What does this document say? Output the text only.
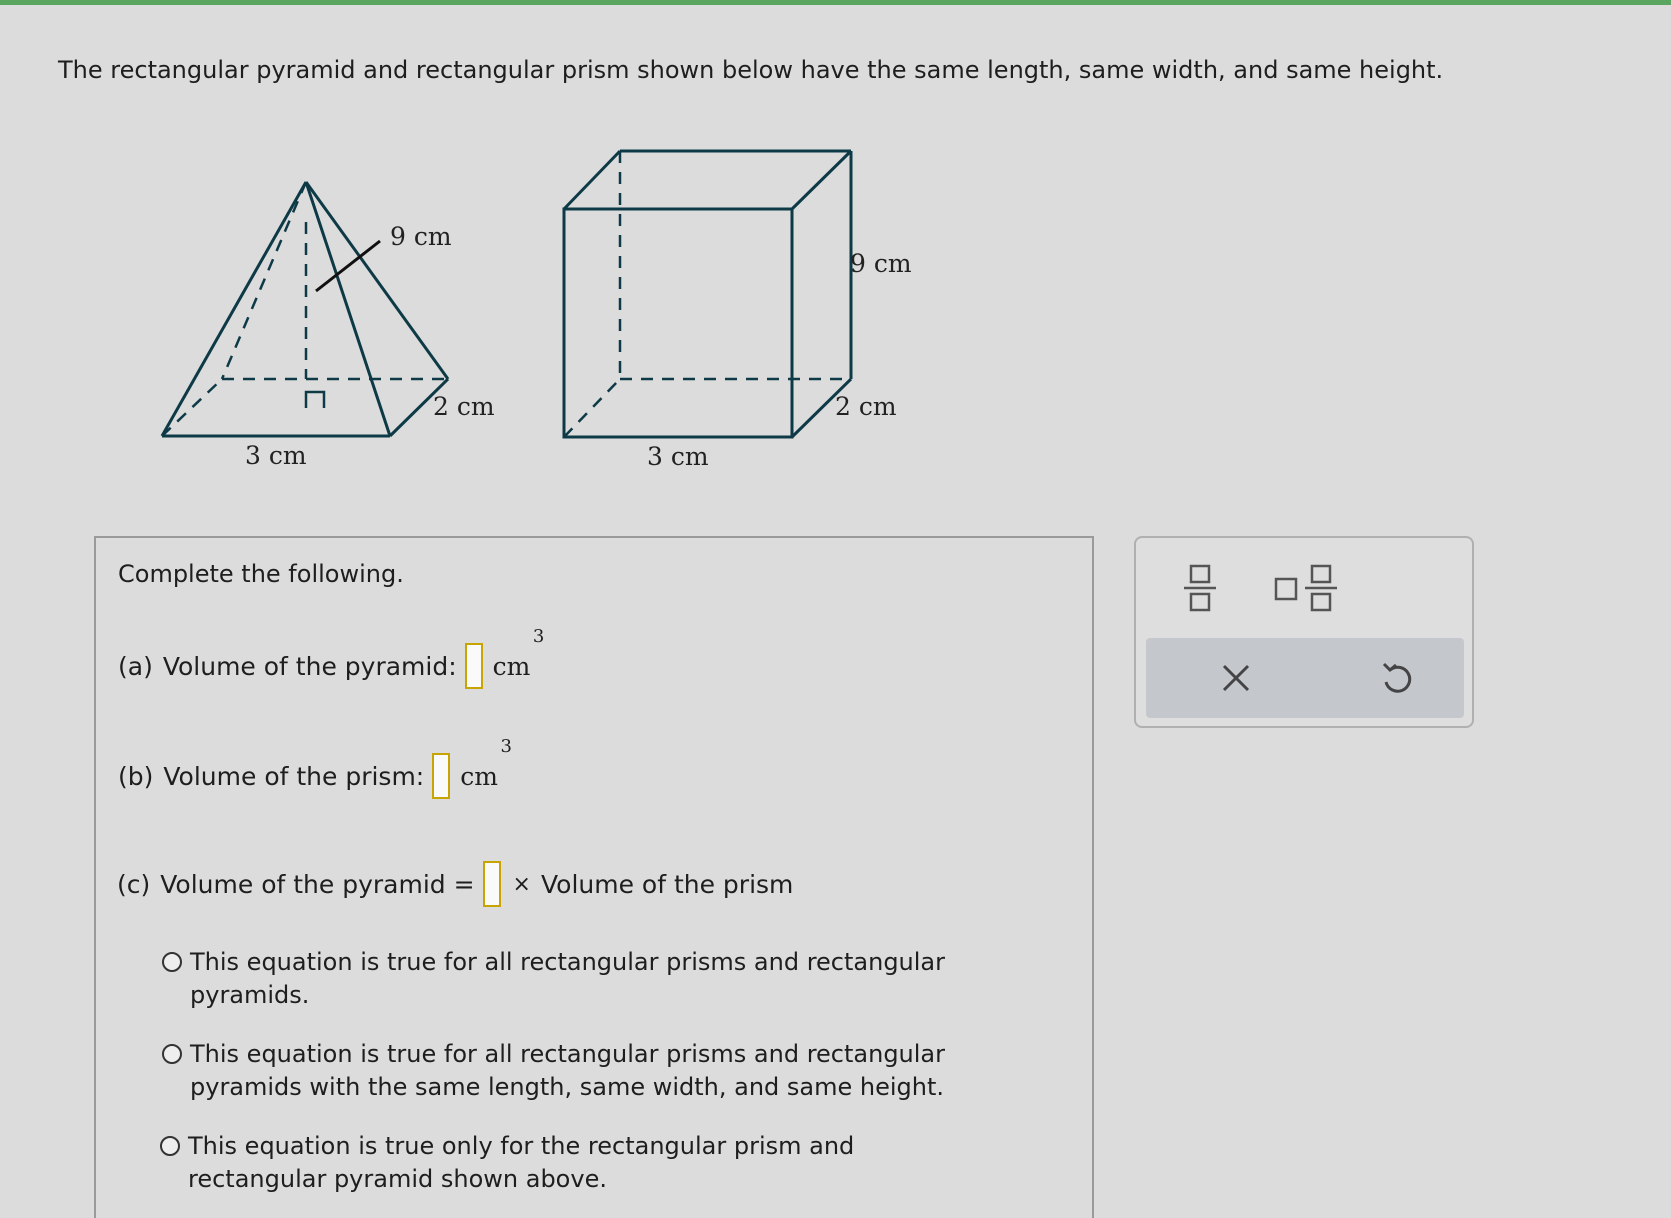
The rectangular pyramid and rectangular prism shown below have the same length, same width, and same height.
9 cm
2 cm
3 cm
9 cm
2 cm
3 cm
Complete the following.
(a) Volume of the pyramid: cm
3
(b) Volume of the prism: cm
3
(c) Volume of the pyramid = × Volume of the prism
This equation is true for all rectangular prisms and rectangular
pyramids.
This equation is true for all rectangular prisms and rectangular
pyramids with the same length, same width, and same height.
This equation is true only for the rectangular prism and
rectangular pyramid shown above.
